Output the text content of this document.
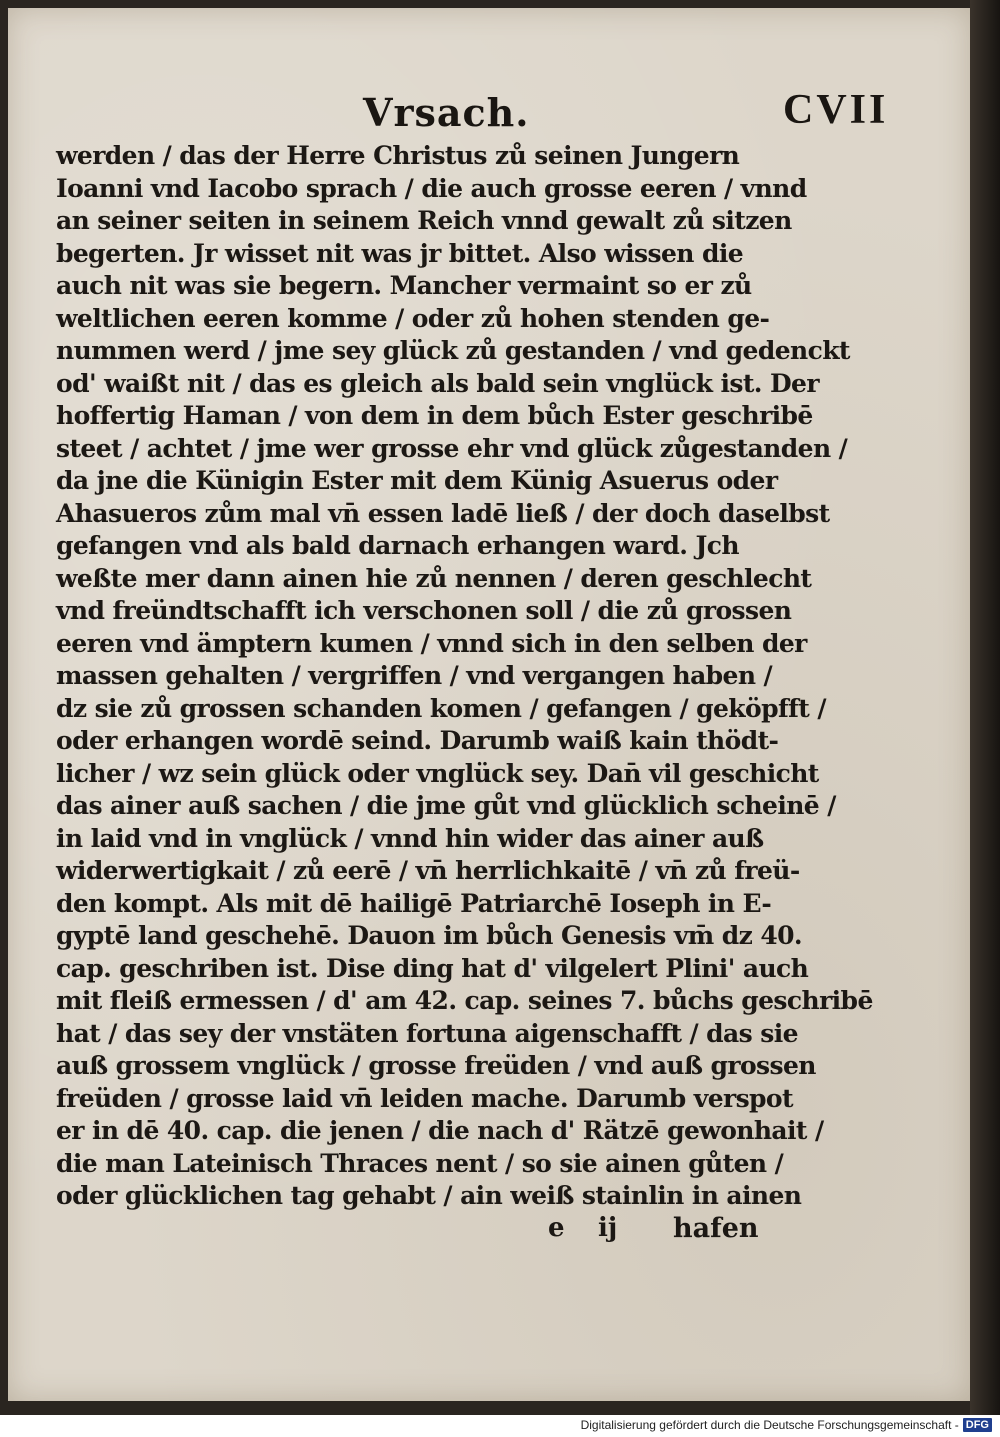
Vrsach.	CVII
werden / das der Herre Christus zů seinen Jungern
Ioanni vnd Iacobo sprach / die auch grosse eeren / vnnd
an seiner seiten in seinem Reich vnnd gewalt zů sitzen
begerten. Jr wisset nit was jr bittet. Also wissen die
auch nit was sie begern. Mancher vermaint so er zů
weltlichen eeren komme / oder zů hohen stenden ge-
nummen werd / jme sey glück zů gestanden / vnd gedenckt
od' waißt nit / das es gleich als bald sein vnglück ist. Der
hoffertig Haman / von dem in dem bůch Ester geschribē
steet / achtet / jme wer grosse ehr vnd glück zůgestanden /
da jne die Künigin Ester mit dem Künig Asuerus oder
Ahasueros zům mal vn̄ essen ladē ließ / der doch daselbst
gefangen vnd als bald darnach erhangen ward. Jch
weßte mer dann ainen hie zů nennen / deren geschlecht
vnd freündtschafft ich verschonen soll / die zů grossen
eeren vnd ämptern kumen / vnnd sich in den selben der
massen gehalten / vergriffen / vnd vergangen haben /
dz sie zů grossen schanden komen / gefangen / geköpfft /
oder erhangen wordē seind. Darumb waiß kain thödt-
licher / wz sein glück oder vnglück sey. Dan̄ vil geschicht
das ainer auß sachen / die jme gůt vnd glücklich scheinē /
in laid vnd in vnglück / vnnd hin wider das ainer auß
widerwertigkait / zů eerē / vn̄ herrlichkaitē / vn̄ zů freü-
den kompt. Als mit dē hailigē Patriarchē Ioseph in E-
gyptē land geschehē. Dauon im bůch Genesis vm̄ dz 40.
cap. geschriben ist. Dise ding hat d' vilgelert Plini' auch
mit fleiß ermessen / d' am 42. cap. seines 7. bůchs geschribē
hat / das sey der vnstäten fortuna aigenschafft / das sie
auß grossem vnglück / grosse freüden / vnd auß grossen
freüden / grosse laid vn̄ leiden mache. Darumb verspot
er in dē 40. cap. die jenen / die nach d' Rätzē gewonhait /
die man Lateinisch Thraces nent / so sie ainen gůten /
oder glücklichen tag gehabt / ain weiß stainlin in ainen
e ij hafen
Digitalisierung gefördert durch die Deutsche Forschungsgemeinschaft - DFG
